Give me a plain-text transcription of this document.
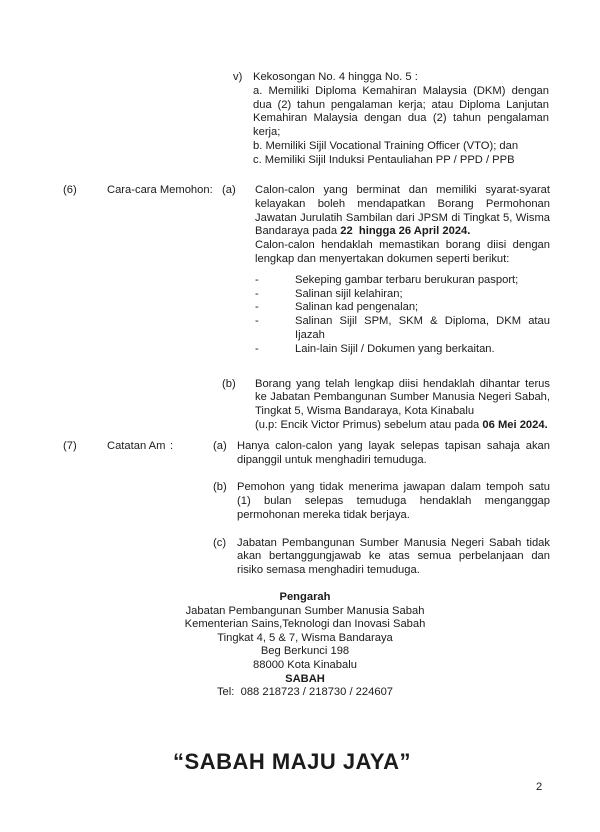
v) Kekosongan No. 4 hingga No. 5 :
a. Memiliki Diploma Kemahiran Malaysia (DKM) dengan dua (2) tahun pengalaman kerja; atau Diploma Lanjutan Kemahiran Malaysia dengan dua (2) tahun pengalaman kerja;
b. Memiliki Sijil Vocational Training Officer (VTO); dan
c. Memiliki Sijil Induksi Pentauliahan PP / PPD / PPB
(6)	Cara-cara Memohon: (a)	Calon-calon yang berminat dan memiliki syarat-syarat kelayakan boleh mendapatkan Borang Permohonan Jawatan Jurulatih Sambilan dari JPSM di Tingkat 5, Wisma Bandaraya pada 22  hingga 26 April 2024.
Calon-calon hendaklah memastikan borang diisi dengan lengkap dan menyertakan dokumen seperti berikut:
-	Sekeping gambar terbaru berukuran pasport;
-	Salinan sijil kelahiran;
-	Salinan kad pengenalan;
-	Salinan Sijil SPM, SKM & Diploma, DKM atau Ijazah
-	Lain-lain Sijil / Dokumen yang berkaitan.
(b)	Borang yang telah lengkap diisi hendaklah dihantar terus ke Jabatan Pembangunan Sumber Manusia Negeri Sabah, Tingkat 5, Wisma Bandaraya, Kota Kinabalu
(u.p: Encik Victor Primus) sebelum atau pada 06 Mei 2024.
(7)	Catatan Am :	(a) Hanya calon-calon yang layak selepas tapisan sahaja akan dipanggil untuk menghadiri temuduga.
(b) Pemohon yang tidak menerima jawapan dalam tempoh satu (1) bulan selepas temuduga hendaklah menganggap permohonan mereka tidak berjaya.
(c) Jabatan Pembangunan Sumber Manusia Negeri Sabah tidak akan bertanggungjawab ke atas semua perbelanjaan dan risiko semasa menghadiri temuduga.
Pengarah
Jabatan Pembangunan Sumber Manusia Sabah
Kementerian Sains,Teknologi dan Inovasi Sabah
Tingkat 4, 5 & 7, Wisma Bandaraya
Beg Berkunci 198
88000 Kota Kinabalu
SABAH
Tel:  088 218723 / 218730 / 224607
“SABAH MAJU JAYA”
2
